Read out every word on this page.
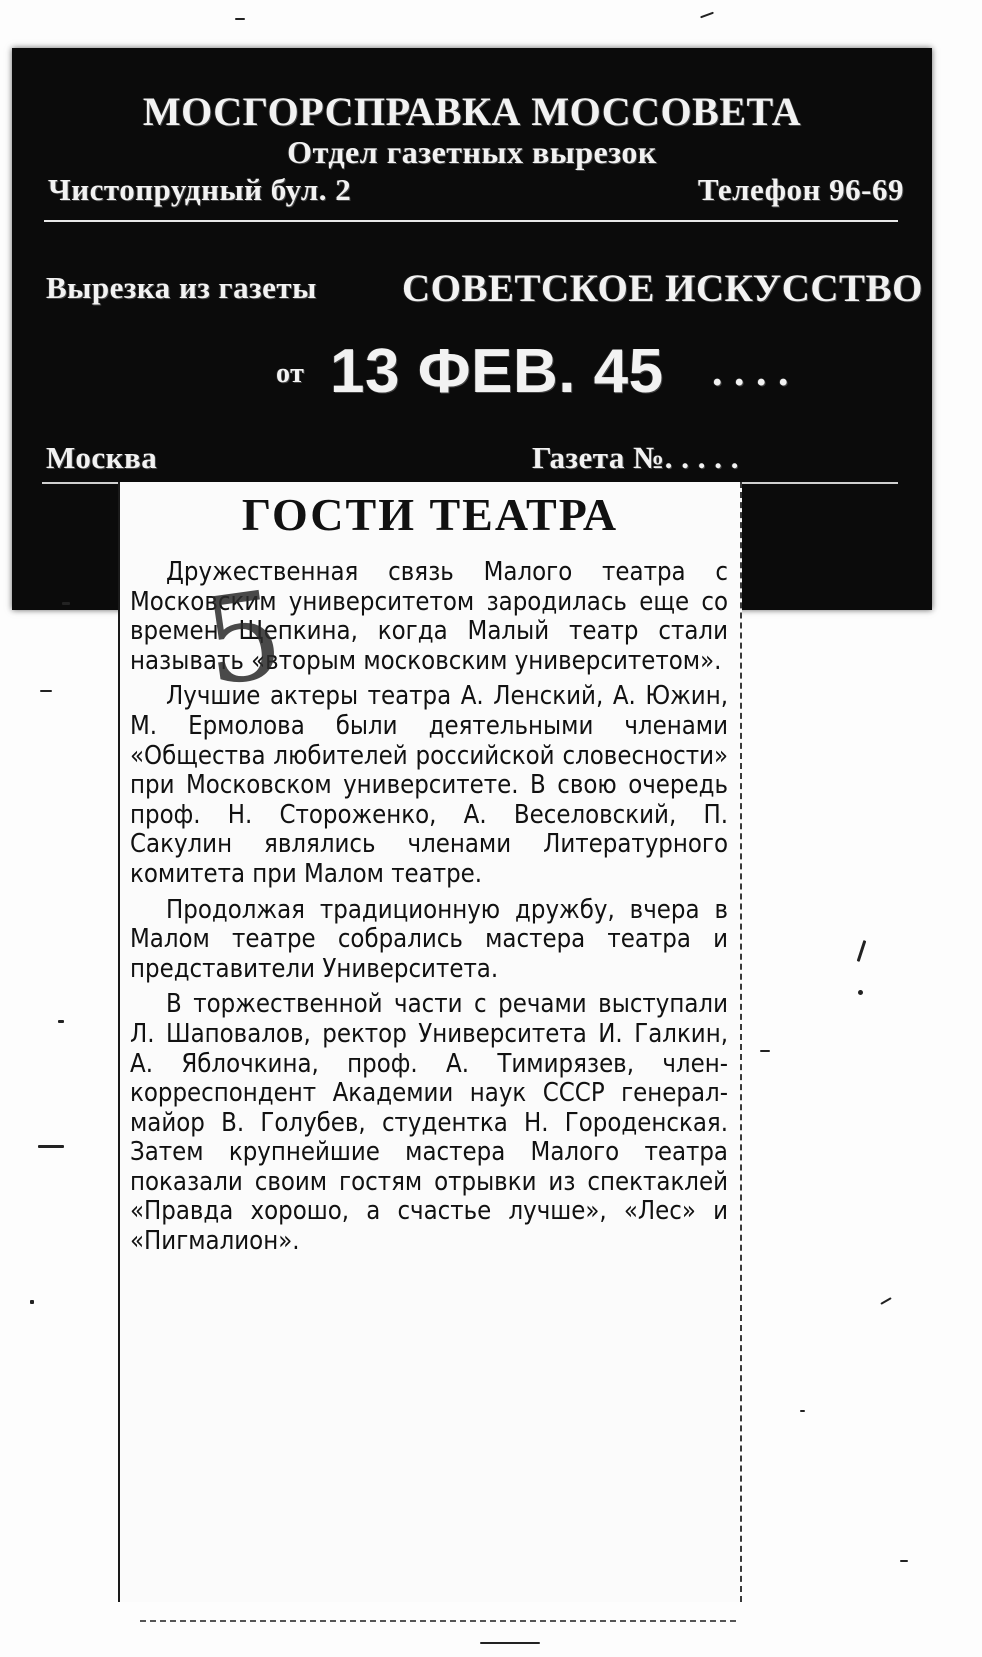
МОСГОРСПРАВКА МОССОВЕТА
Отдел газетных вырезок
Чистопрудный бул. 2	Телефон 96-69
Вырезка из газеты СОВЕТСКОЕ ИСКУССТВО
от 13 ФЕВ. 45 . . . .
Москва	Газета №. . . . .
ГОСТИ ТЕАТРА

Дружественная связь Малого театра с Московским университетом зародилась еще со времен Щепкина, когда Малый театр стали называть «вторым московским университетом».

Лучшие актеры театра А. Ленский, А. Южин, М. Ермолова были деятельными членами «Общества любителей российской словесности» при Московском университете. В свою очередь проф. Н. Стороженко, А. Веселовский, П. Сакулин являлись членами Литературного комитета при Малом театре.

Продолжая традиционную дружбу, вчера в Малом театре собрались мастера театра и представители Университета.

В торжественной части с речами выступали Л. Шаповалов, ректор Университета И. Галкин, А. Яблочкина, проф. А. Тимирязев, член-корреспондент Академии наук СССР генерал-майор В. Голубев, студентка Н. Городенская. Затем крупнейшие мастера Малого театра показали своим гостям отрывки из спектаклей «Правда хорошо, а счастье лучше», «Лес» и «Пигмалион».

5
